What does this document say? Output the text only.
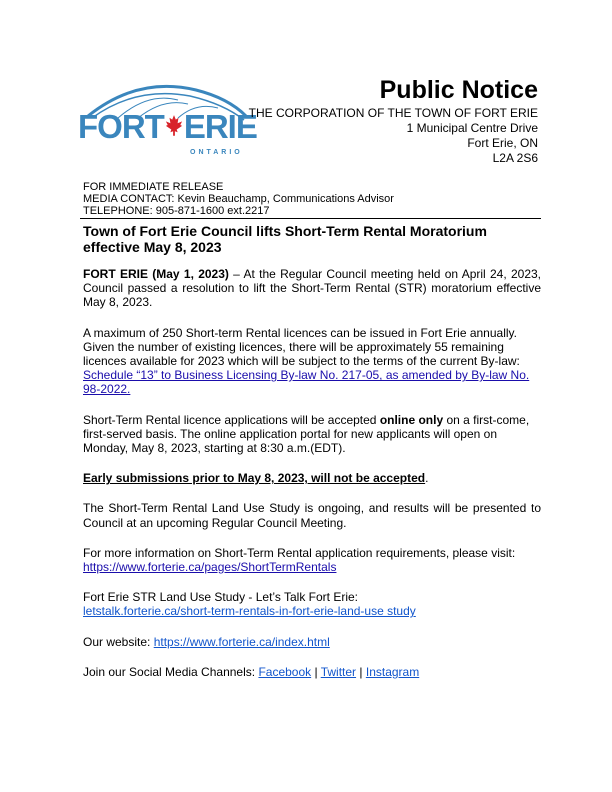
FORT ERIE
ONTARIO
Public Notice
THE CORPORATION OF THE TOWN OF FORT ERIE
1 Municipal Centre Drive
Fort Erie, ON
L2A 2S6
FOR IMMEDIATE RELEASE
MEDIA CONTACT: Kevin Beauchamp, Communications Advisor
TELEPHONE: 905-871-1600 ext.2217
Town of Fort Erie Council lifts Short-Term Rental Moratorium effective May 8, 2023

FORT ERIE (May 1, 2023) – At the Regular Council meeting held on April 24, 2023, Council passed a resolution to lift the Short-Term Rental (STR) moratorium effective May 8, 2023.

A maximum of 250 Short-term Rental licences can be issued in Fort Erie annually. Given the number of existing licences, there will be approximately 55 remaining licences available for 2023 which will be subject to the terms of the current By-law: Schedule “13” to Business Licensing By-law No. 217-05, as amended by By-law No. 98-2022.

Short-Term Rental licence applications will be accepted online only on a first-come, first-served basis. The online application portal for new applicants will open on Monday, May 8, 2023, starting at 8:30 a.m.(EDT).

Early submissions prior to May 8, 2023, will not be accepted.

The Short-Term Rental Land Use Study is ongoing, and results will be presented to Council at an upcoming Regular Council Meeting.

For more information on Short-Term Rental application requirements, please visit:
https://www.forterie.ca/pages/ShortTermRentals

Fort Erie STR Land Use Study - Let’s Talk Fort Erie:
letstalk.forterie.ca/short-term-rentals-in-fort-erie-land-use study

Our website: https://www.forterie.ca/index.html

Join our Social Media Channels: Facebook | Twitter | Instagram
